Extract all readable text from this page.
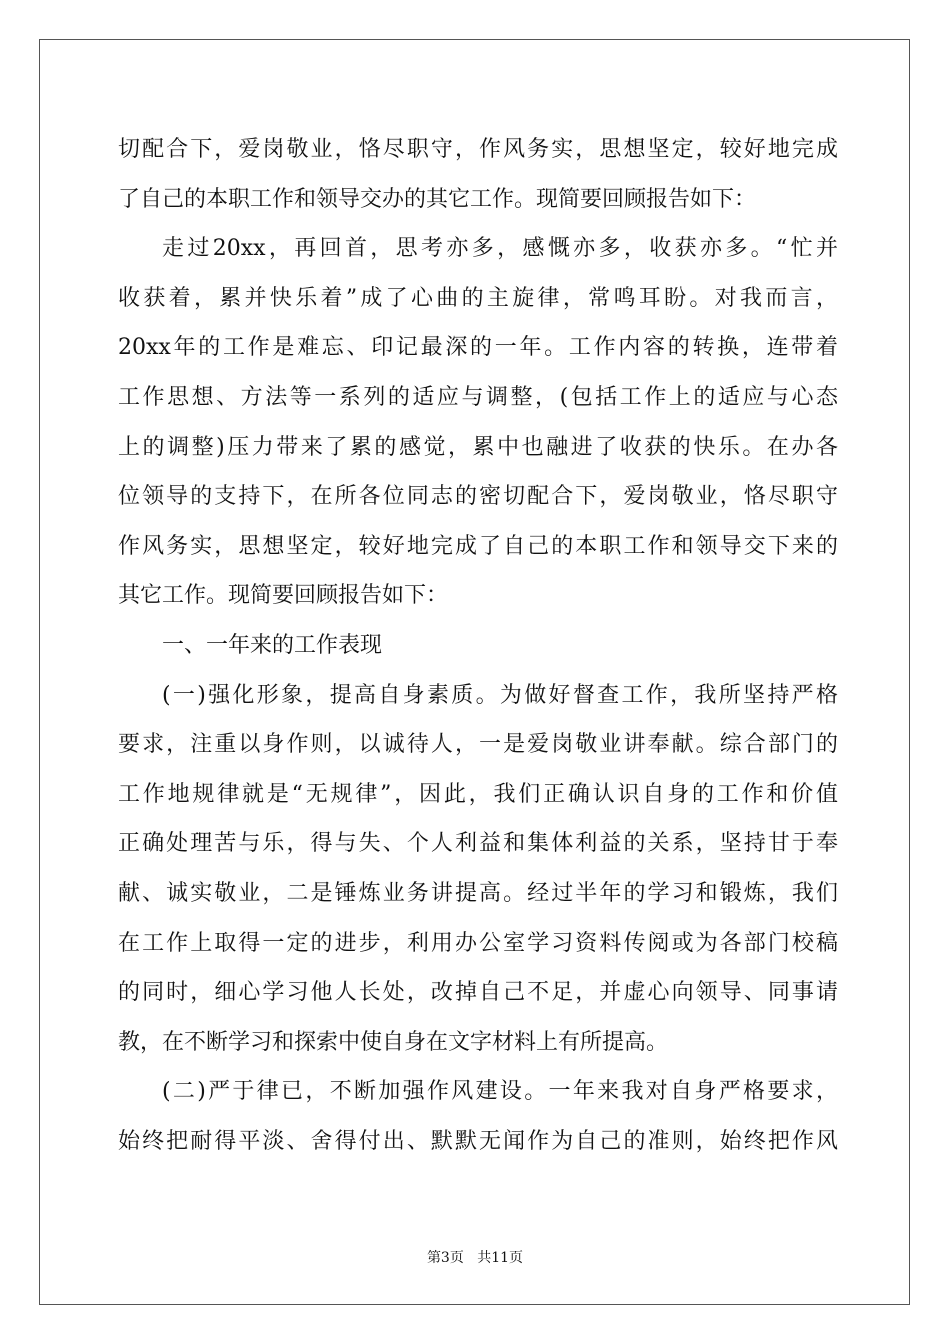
切配合下，爱岗敬业，恪尽职守，作风务实，思想坚定，较好地完成
了自己的本职工作和领导交办的其它工作。现简要回顾报告如下：
走过20xx，再回首，思考亦多，感慨亦多，收获亦多。“忙并
收获着，累并快乐着”成了心曲的主旋律，常鸣耳盼。对我而言，
20xx年的工作是难忘、印记最深的一年。工作内容的转换，连带着
工作思想、方法等一系列的适应与调整，(包括工作上的适应与心态
上的调整)压力带来了累的感觉，累中也融进了收获的快乐。在办各
位领导的支持下，在所各位同志的密切配合下，爱岗敬业，恪尽职守
作风务实，思想坚定，较好地完成了自己的本职工作和领导交下来的
其它工作。现简要回顾报告如下：
一、一年来的工作表现
(一)强化形象，提高自身素质。为做好督查工作，我所坚持严格
要求，注重以身作则，以诚待人，一是爱岗敬业讲奉献。综合部门的
工作地规律就是“无规律”，因此，我们正确认识自身的工作和价值
正确处理苦与乐，得与失、个人利益和集体利益的关系，坚持甘于奉
献、诚实敬业，二是锤炼业务讲提高。经过半年的学习和锻炼，我们
在工作上取得一定的进步，利用办公室学习资料传阅或为各部门校稿
的同时，细心学习他人长处，改掉自己不足，并虚心向领导、同事请
教，在不断学习和探索中使自身在文字材料上有所提高。
(二)严于律已，不断加强作风建设。一年来我对自身严格要求，
始终把耐得平淡、舍得付出、默默无闻作为自己的准则，始终把作风
第3页 共11页
